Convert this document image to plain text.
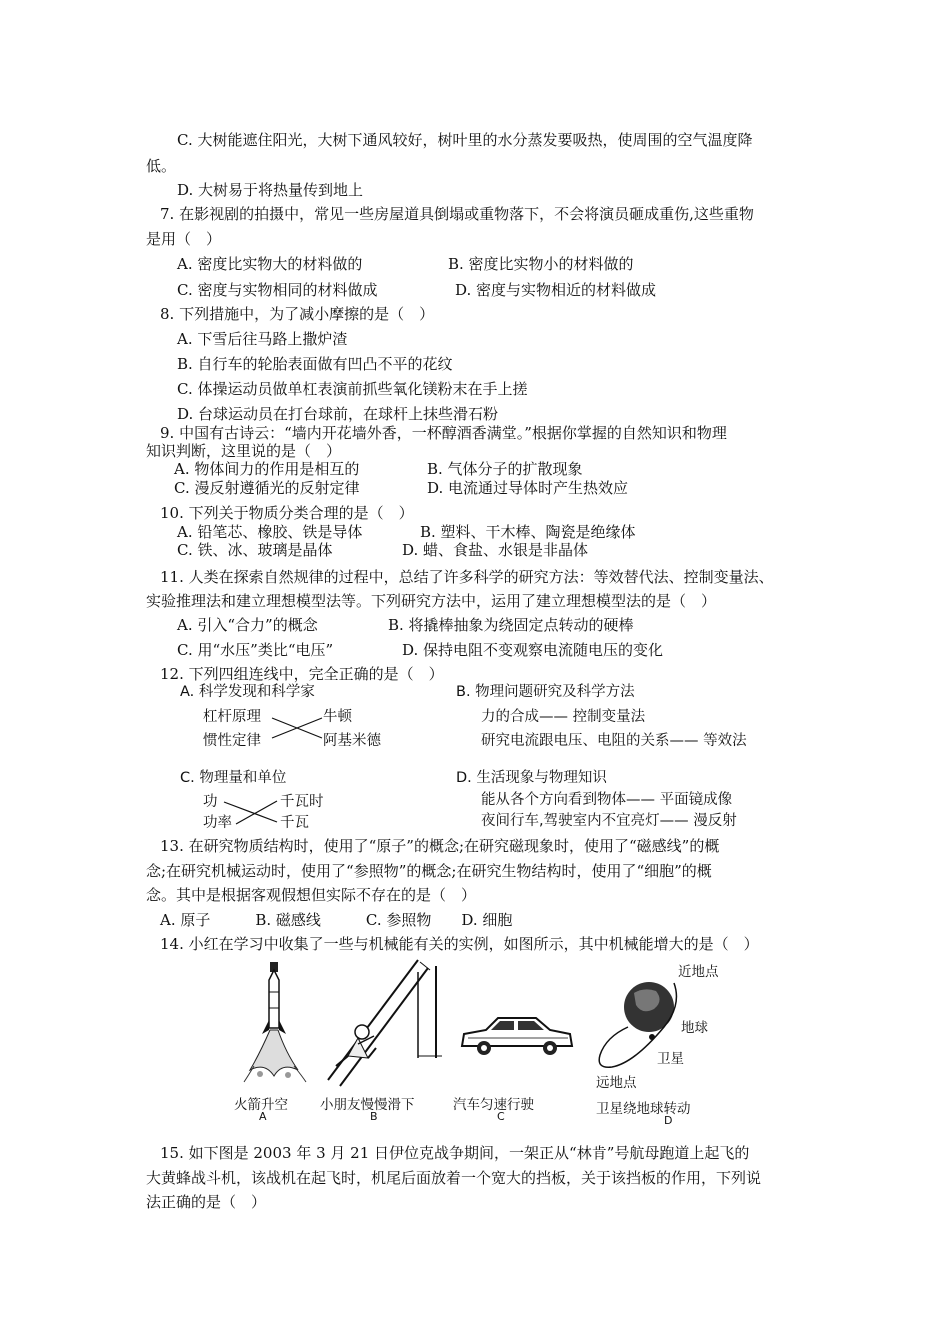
C. 大树能遮住阳光，大树下通风较好，树叶里的水分蒸发要吸热，使周围的空气温度降
低。
D. 大树易于将热量传到地上
7. 在影视剧的拍摄中，常见一些房屋道具倒塌或重物落下，不会将演员砸成重伤,这些重物
是用（　）
A. 密度比实物大的材料做的	B. 密度比实物小的材料做的
C. 密度与实物相同的材料做成	D. 密度与实物相近的材料做成
8. 下列措施中，为了减小摩擦的是（　）
A. 下雪后往马路上撒炉渣
B. 自行车的轮胎表面做有凹凸不平的花纹
C. 体操运动员做单杠表演前抓些氧化镁粉末在手上搓
D. 台球运动员在打台球前，在球杆上抹些滑石粉
9. 中国有古诗云：“墙内开花墙外香，一杯醇酒香满堂。”根据你掌握的自然知识和物理
知识判断，这里说的是（　）
A. 物体间力的作用是相互的	B. 气体分子的扩散现象
C. 漫反射遵循光的反射定律	D. 电流通过导体时产生热效应
10. 下列关于物质分类合理的是（　）
A. 铅笔芯、橡胶、铁是导体	B. 塑料、干木棒、陶瓷是绝缘体
C. 铁、冰、玻璃是晶体	D. 蜡、食盐、水银是非晶体
11. 人类在探索自然规律的过程中，总结了许多科学的研究方法：等效替代法、控制变量法、
实验推理法和建立理想模型法等。下列研究方法中，运用了建立理想模型法的是（　）
A. 引入“合力”的概念	B. 将撬棒抽象为绕固定点转动的硬棒
C. 用“水压”类比“电压”	D. 保持电阻不变观察电流随电压的变化
12. 下列四组连线中，完全正确的是（　）
A. 科学发现和科学家
杠杆原理	牛顿
惯性定律	阿基米德
B. 物理问题研究及科学方法
力的合成—— 控制变量法
研究电流跟电压、电阻的关系—— 等效法
C. 物理量和单位
功	千瓦时
功率	千瓦
D. 生活现象与物理知识
能从各个方向看到物体—— 平面镜成像
夜间行车,驾驶室内不宜亮灯—— 漫反射
13. 在研究物质结构时，使用了“原子”的概念;在研究磁现象时，使用了“磁感线”的概
念;在研究机械运动时，使用了“参照物”的概念;在研究生物结构时，使用了“细胞”的概
念。其中是根据客观假想但实际不存在的是（　）
A. 原子　　　B. 磁感线　　　C. 参照物　　D. 细胞
14. 小红在学习中收集了一些与机械能有关的实例，如图所示，其中机械能增大的是（　）
火箭升空
A
小朋友慢慢滑下
B
汽车匀速行驶
C
近地点
地球
卫星
远地点
卫星绕地球转动
D
15. 如下图是 2003 年 3 月 21 日伊位克战争期间，一架正从“林肯”号航母跑道上起飞的
大黄蜂战斗机，该战机在起飞时，机尾后面放着一个宽大的挡板，关于该挡板的作用，下列说
法正确的是（　）
